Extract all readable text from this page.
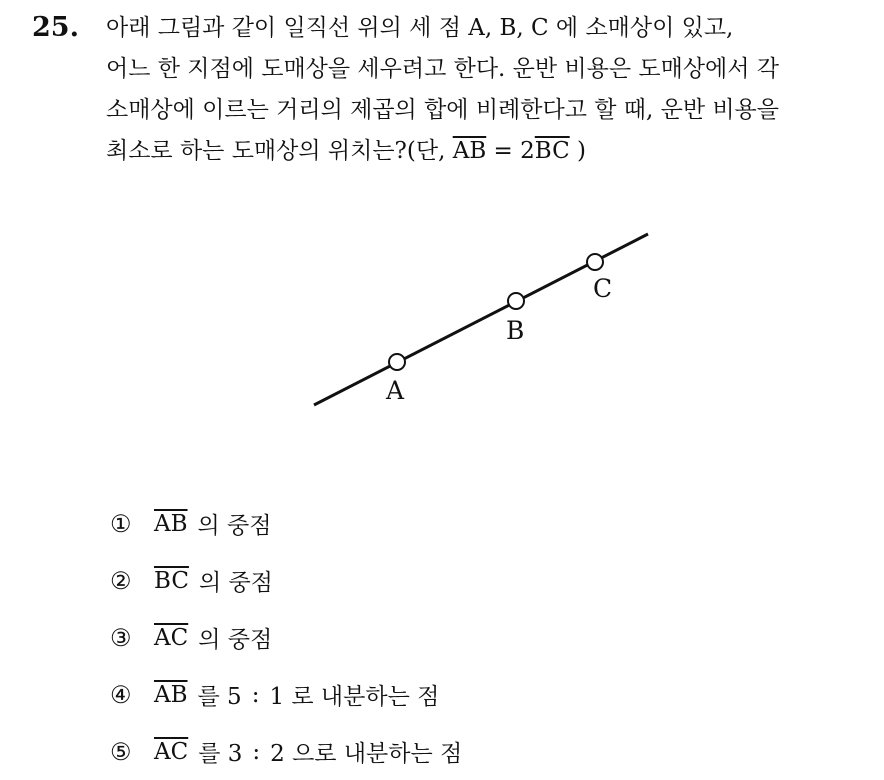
25. 아래 그림과 같이 일직선 위의 세 점 A, B, C 에 소매상이 있고,
어느 한 지점에 도매상을 세우려고 한다. 운반 비용은 도매상에서 각
소매상에 이르는 거리의 제곱의 합에 비례한다고 할 때, 운반 비용을
최소로 하는 도매상의 위치는?(단, $\overline{AB} = 2\overline{BC}$ )

A
B
C
① $\overline{AB}$ 의 중점
② $\overline{BC}$ 의 중점
③ $\overline{AC}$ 의 중점
④ $\overline{AB}$ 를 5 : 1 로 내분하는 점
⑤ $\overline{AC}$ 를 3 : 2 으로 내분하는 점
